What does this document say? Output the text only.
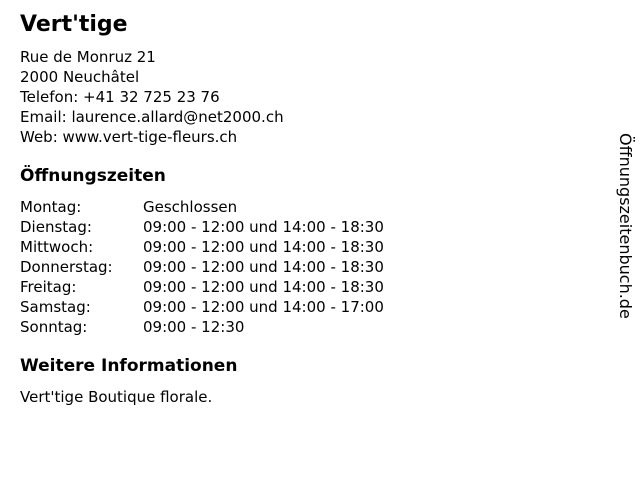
Vert'tige
Rue de Monruz 21
2000 Neuchâtel
Telefon: +41 32 725 23 76
Email: laurence.allard@net2000.ch
Web: www.vert-tige-fleurs.ch
Öffnungszeiten
Montag:	Geschlossen
Dienstag:	09:00 - 12:00 und 14:00 - 18:30
Mittwoch:	09:00 - 12:00 und 14:00 - 18:30
Donnerstag:	09:00 - 12:00 und 14:00 - 18:30
Freitag:	09:00 - 12:00 und 14:00 - 18:30
Samstag:	09:00 - 12:00 und 14:00 - 17:00
Sonntag:	09:00 - 12:30
Weitere Informationen

Vert'tige Boutique florale.

Öffnungszeitenbuch.de
